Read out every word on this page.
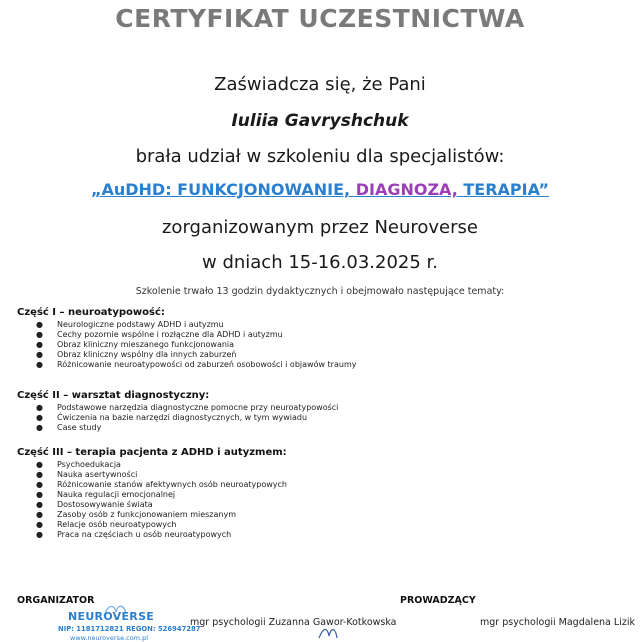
CERTYFIKAT UCZESTNICTWA

Zaświadcza się, że Pani

Iuliia Gavryshchuk

brała udział w szkoleniu dla specjalistów:

„AuDHD: FUNKCJONOWANIE, DIAGNOZA, TERAPIA”

zorganizowanym przez Neuroverse

w dniach 15-16.03.2025 r.

Szkolenie trwało 13 godzin dydaktycznych i obejmowało następujące tematy:

Część I – neuroatypowość:
● Neurologiczne podstawy ADHD i autyzmu
● Cechy pozornie wspólne i rozłączne dla ADHD i autyzmu
● Obraz kliniczny mieszanego funkcjonowania
● Obraz kliniczny wspólny dla innych zaburzeń
● Różnicowanie neuroatypowości od zaburzeń osobowości i objawów traumy
Część II – warsztat diagnostyczny:
● Podstawowe narzędzia diagnostyczne pomocne przy neuroatypowości
● Ćwiczenia na bazie narzędzi diagnostycznych, w tym wywiadu
● Case study
Część III – terapia pacjenta z ADHD i autyzmem:
● Psychoedukacja
● Nauka asertywności
● Różnicowanie stanów afektywnych osób neuroatypowych
● Nauka regulacji emocjonalnej
● Dostosowywanie świata
● Zasoby osób z funkcjonowaniem mieszanym
● Relacje osób neuroatypowych
● Praca na częściach u osób neuroatypowych

ORGANIZATOR	PROWADZĄCY

NEUROVERSE
NIP: 1181712821 REGON: 526947287
www.neuroverse.com.pl

mgr psychologii Zuzanna Gawor-Kotkowska	mgr psychologii Magdalena Lizik
